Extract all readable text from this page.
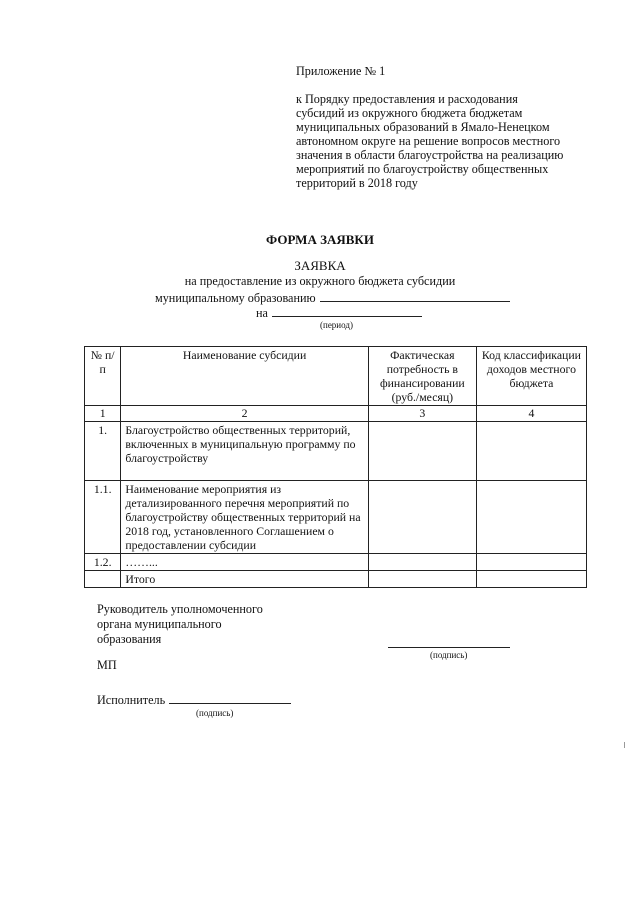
Приложение № 1
к Порядку предоставления и расходования
субсидий из окружного бюджета бюджетам
муниципальных образований в Ямало-Ненецком
автономном округе на решение вопросов местного
значения в области благоустройства на реализацию
мероприятий по благоустройству общественных
территорий в 2018 году
ФОРМА ЗАЯВКИ
ЗАЯВКА
на предоставление из окружного бюджета субсидии
муниципальному образованию
на
(период)
№ п/п	Наименование субсидии	Фактическая потребность в финансировании (руб./месяц)	Код классификации доходов местного бюджета
1	2	3	4
1.	Благоустройство общественных территорий, включенных в муниципальную программу по благоустройству		
1.1.	Наименование мероприятия из детализированного перечня мероприятий по благоустройству общественных территорий на 2018 год, установленного Соглашением о предоставлении субсидии		
1.2.	……...		
	Итого		
Руководитель уполномоченного
органа муниципального
образования
(подпись)
МП
Исполнитель
(подпись)
